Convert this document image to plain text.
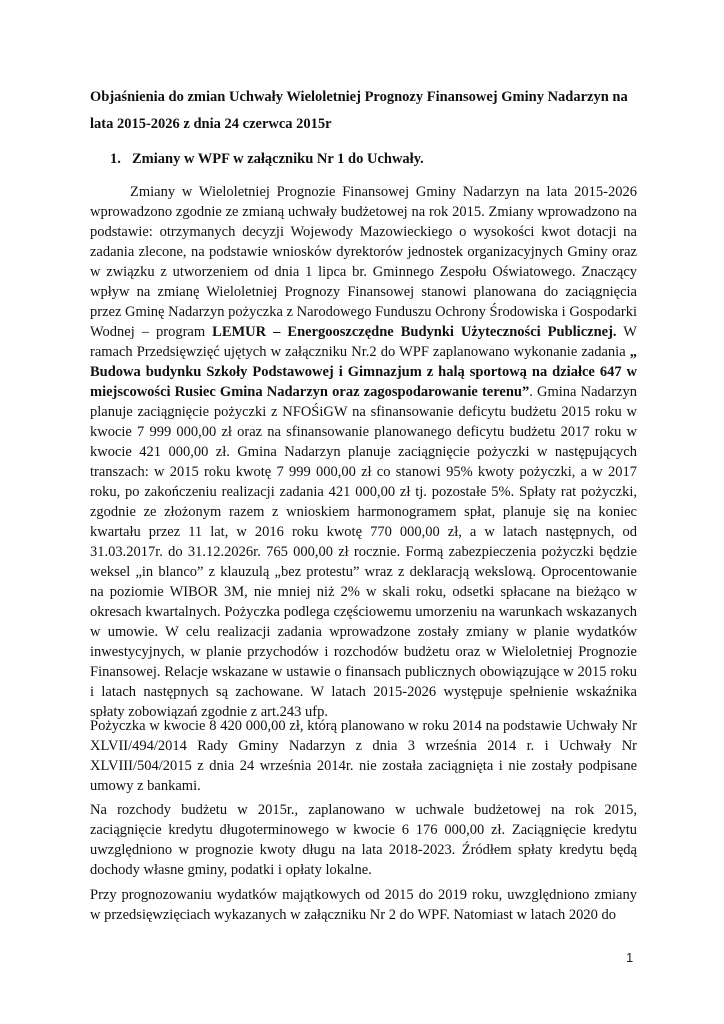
Objaśnienia do zmian Uchwały Wieloletniej Prognozy Finansowej Gminy Nadarzyn na lata 2015-2026 z dnia 24 czerwca 2015r

1. Zmiany w WPF w załączniku Nr 1 do Uchwały.

Zmiany w Wieloletniej Prognozie Finansowej Gminy Nadarzyn na lata 2015-2026 wprowadzono zgodnie ze zmianą uchwały budżetowej na rok 2015. Zmiany wprowadzono na podstawie: otrzymanych decyzji Wojewody Mazowieckiego o wysokości kwot dotacji na zadania zlecone, na podstawie wniosków dyrektorów jednostek organizacyjnych Gminy oraz w związku z utworzeniem od dnia 1 lipca br. Gminnego Zespołu Oświatowego. Znaczący wpływ na zmianę Wieloletniej Prognozy Finansowej stanowi planowana do zaciągnięcia przez Gminę Nadarzyn pożyczka z Narodowego Funduszu Ochrony Środowiska i Gospodarki Wodnej – program LEMUR – Energooszczędne Budynki Użyteczności Publicznej. W ramach Przedsięwzięć ujętych w załączniku Nr.2 do WPF zaplanowano wykonanie zadania „ Budowa budynku Szkoły Podstawowej i Gimnazjum z halą sportową na działce 647 w miejscowości Rusiec Gmina Nadarzyn oraz zagospodarowanie terenu”. Gmina Nadarzyn planuje zaciągnięcie pożyczki z NFOŚiGW na sfinansowanie deficytu budżetu 2015 roku w kwocie 7 999 000,00 zł oraz na sfinansowanie planowanego deficytu budżetu 2017 roku w kwocie 421 000,00 zł. Gmina Nadarzyn planuje zaciągnięcie pożyczki w następujących transzach: w 2015 roku kwotę 7 999 000,00 zł co stanowi 95% kwoty pożyczki, a w 2017 roku, po zakończeniu realizacji zadania 421 000,00 zł tj. pozostałe 5%. Spłaty rat pożyczki, zgodnie ze złożonym razem z wnioskiem harmonogramem spłat, planuje się na koniec kwartału przez 11 lat, w 2016 roku kwotę 770 000,00 zł, a w latach następnych, od 31.03.2017r. do 31.12.2026r. 765 000,00 zł rocznie. Formą zabezpieczenia pożyczki będzie weksel „in blanco” z klauzulą „bez protestu” wraz z deklaracją wekslową. Oprocentowanie na poziomie WIBOR 3M, nie mniej niż 2% w skali roku, odsetki spłacane na bieżąco w okresach kwartalnych. Pożyczka podlega częściowemu umorzeniu na warunkach wskazanych w umowie. W celu realizacji zadania wprowadzone zostały zmiany w planie wydatków inwestycyjnych, w planie przychodów i rozchodów budżetu oraz w Wieloletniej Prognozie Finansowej. Relacje wskazane w ustawie o finansach publicznych obowiązujące w 2015 roku i latach następnych są zachowane. W latach 2015-2026 występuje spełnienie wskaźnika spłaty zobowiązań zgodnie z art.243 ufp.

Pożyczka w kwocie 8 420 000,00 zł, którą planowano w roku 2014 na podstawie Uchwały Nr XLVII/494/2014 Rady Gminy Nadarzyn z dnia 3 września 2014 r. i Uchwały Nr XLVIII/504/2015 z dnia 24 września 2014r. nie została zaciągnięta i nie zostały podpisane umowy z bankami.

Na rozchody budżetu w 2015r., zaplanowano w uchwale budżetowej na rok 2015, zaciągnięcie kredytu długoterminowego w kwocie 6 176 000,00 zł. Zaciągnięcie kredytu uwzględniono w prognozie kwoty długu na lata 2018-2023. Źródłem spłaty kredytu będą dochody własne gminy, podatki i opłaty lokalne.

Przy prognozowaniu wydatków majątkowych od 2015 do 2019 roku, uwzględniono zmiany w przedsięwzięciach wykazanych w załączniku Nr 2 do WPF. Natomiast w latach 2020 do

1
